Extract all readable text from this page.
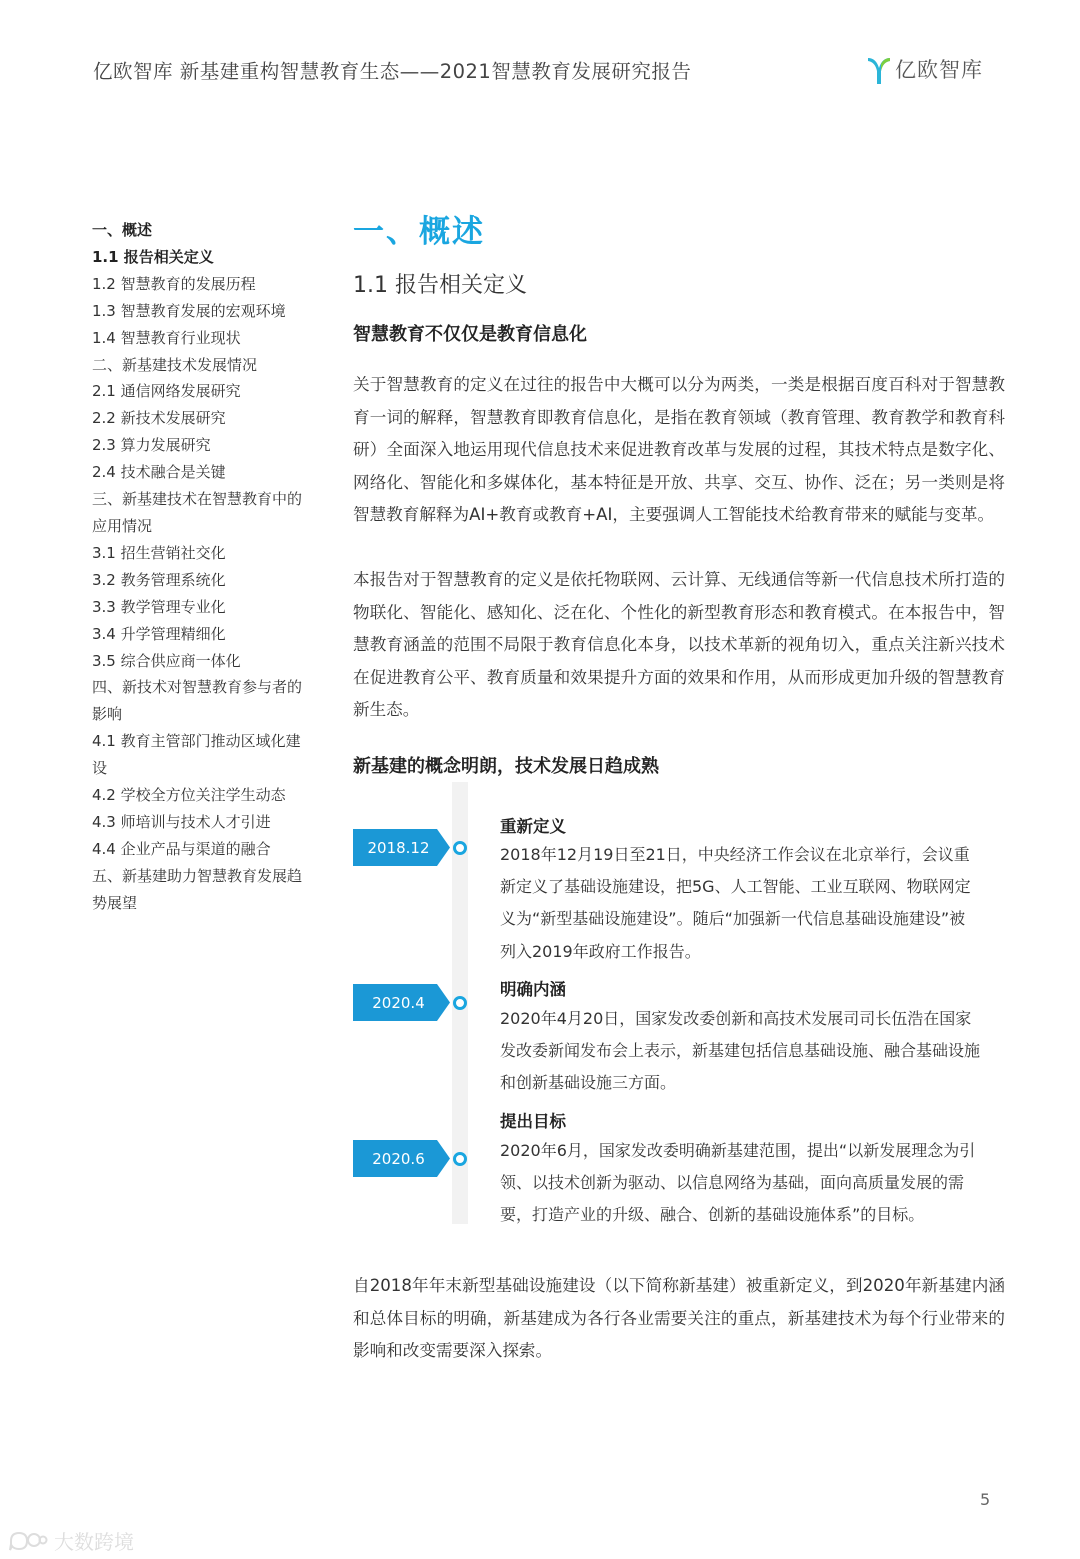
亿欧智库 新基建重构智慧教育生态——2021智慧教育发展研究报告	亿欧智库
一、概述
1.1 报告相关定义
1.2 智慧教育的发展历程
1.3 智慧教育发展的宏观环境
1.4 智慧教育行业现状
二、新基建技术发展情况
2.1 通信网络发展研究
2.2 新技术发展研究
2.3 算力发展研究
2.4 技术融合是关键
三、新基建技术在智慧教育中的应用情况
3.1 招生营销社交化
3.2 教务管理系统化
3.3 教学管理专业化
3.4 升学管理精细化
3.5 综合供应商一体化
四、新技术对智慧教育参与者的影响
4.1 教育主管部门推动区域化建设
4.2 学校全方位关注学生动态
4.3 师培训与技术人才引进
4.4 企业产品与渠道的融合
五、新基建助力智慧教育发展趋势展望
一、概述
1.1 报告相关定义
智慧教育不仅仅是教育信息化

关于智慧教育的定义在过往的报告中大概可以分为两类，一类是根据百度百科对于智慧教育一词的解释，智慧教育即教育信息化，是指在教育领域（教育管理、教育教学和教育科研）全面深入地运用现代信息技术来促进教育改革与发展的过程，其技术特点是数字化、网络化、智能化和多媒体化，基本特征是开放、共享、交互、协作、泛在；另一类则是将智慧教育解释为AI+教育或教育+AI，主要强调人工智能技术给教育带来的赋能与变革。

本报告对于智慧教育的定义是依托物联网、云计算、无线通信等新一代信息技术所打造的物联化、智能化、感知化、泛在化、个性化的新型教育形态和教育模式。在本报告中，智慧教育涵盖的范围不局限于教育信息化本身，以技术革新的视角切入，重点关注新兴技术在促进教育公平、教育质量和效果提升方面的效果和作用，从而形成更加升级的智慧教育新生态。

新基建的概念明朗，技术发展日趋成熟
2018.12
重新定义

2018年12月19日至21日，中央经济工作会议在北京举行，会议重新定义了基础设施建设，把5G、人工智能、工业互联网、物联网定义为“新型基础设施建设”。随后“加强新一代信息基础设施建设”被列入2019年政府工作报告。

2020.4
明确内涵

2020年4月20日，国家发改委创新和高技术发展司司长伍浩在国家发改委新闻发布会上表示，新基建包括信息基础设施、融合基础设施和创新基础设施三方面。

2020.6
提出目标

2020年6月，国家发改委明确新基建范围，提出“以新发展理念为引领、以技术创新为驱动、以信息网络为基础，面向高质量发展的需要，打造产业的升级、融合、创新的基础设施体系”的目标。

自2018年年末新型基础设施建设（以下简称新基建）被重新定义，到2020年新基建内涵和总体目标的明确，新基建成为各行各业需要关注的重点，新基建技术为每个行业带来的影响和改变需要深入探索。

5
大数跨境
